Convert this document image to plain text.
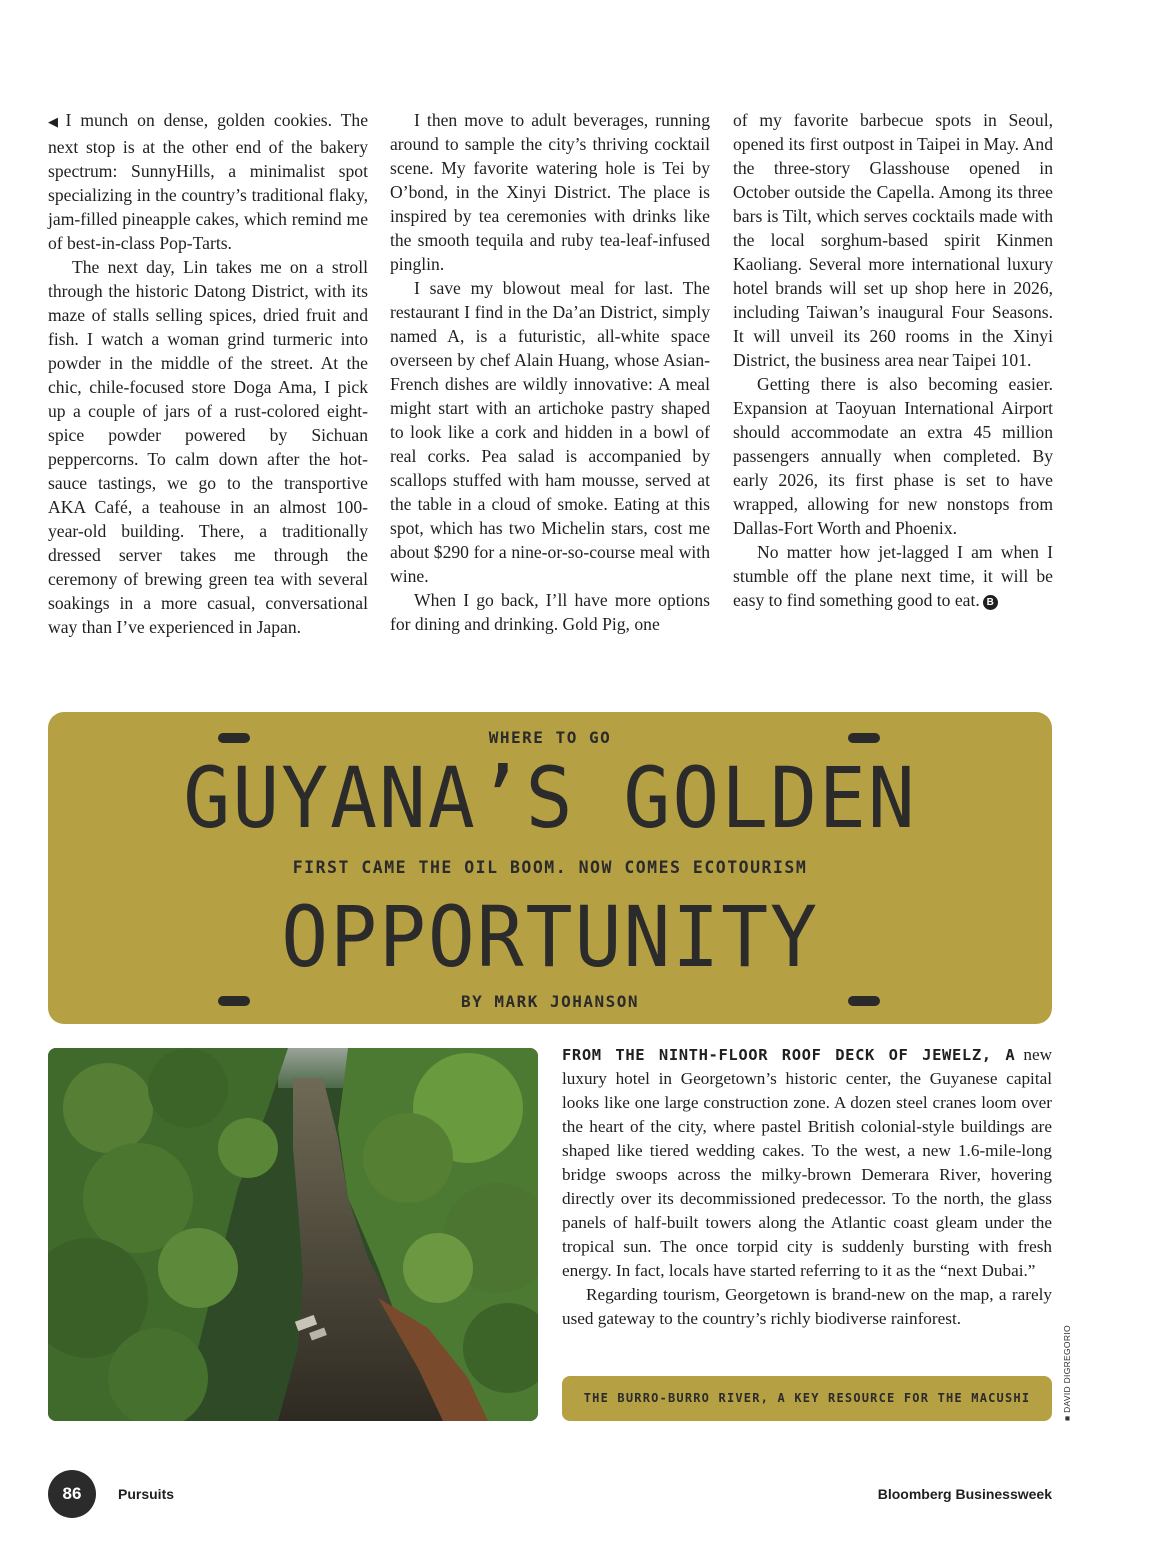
◀ I munch on dense, golden cookies. The next stop is at the other end of the bakery spectrum: SunnyHills, a minimalist spot specializing in the country’s traditional flaky, jam-filled pineapple cakes, which remind me of best-in-class Pop-Tarts.

The next day, Lin takes me on a stroll through the historic Datong District, with its maze of stalls selling spices, dried fruit and fish. I watch a woman grind turmeric into powder in the middle of the street. At the chic, chile-focused store Doga Ama, I pick up a couple of jars of a rust-colored eight-spice powder powered by Sichuan peppercorns. To calm down after the hot-sauce tastings, we go to the transportive AKA Café, a teahouse in an almost 100-year-old building. There, a traditionally dressed server takes me through the ceremony of brewing green tea with several soakings in a more casual, conversational way than I’ve experienced in Japan.

I then move to adult beverages, running around to sample the city’s thriving cocktail scene. My favorite watering hole is Tei by O’bond, in the Xinyi District. The place is inspired by tea ceremonies with drinks like the smooth tequila and ruby tea-leaf-infused pinglin.

I save my blowout meal for last. The restaurant I find in the Da’an District, simply named A, is a futuristic, all-white space overseen by chef Alain Huang, whose Asian-French dishes are wildly innovative: A meal might start with an artichoke pastry shaped to look like a cork and hidden in a bowl of real corks. Pea salad is accompanied by scallops stuffed with ham mousse, served at the table in a cloud of smoke. Eating at this spot, which has two Michelin stars, cost me about $290 for a nine-or-so-course meal with wine.

When I go back, I’ll have more options for dining and drinking. Gold Pig, one

of my favorite barbecue spots in Seoul, opened its first outpost in Taipei in May. And the three-story Glasshouse opened in October outside the Capella. Among its three bars is Tilt, which serves cocktails made with the local sorghum-based spirit Kinmen Kaoliang. Several more international luxury hotel brands will set up shop here in 2026, including Taiwan’s inaugural Four Seasons. It will unveil its 260 rooms in the Xinyi District, the business area near Taipei 101.

Getting there is also becoming easier. Expansion at Taoyuan International Airport should accommodate an extra 45 million passengers annually when completed. By early 2026, its first phase is set to have wrapped, allowing for new nonstops from Dallas-Fort Worth and Phoenix.

No matter how jet-lagged I am when I stumble off the plane next time, it will be easy to find something good to eat. B

WHERE TO GO
GUYANA’S GOLDEN
FIRST CAME THE OIL BOOM. NOW COMES ECOTOURISM
OPPORTUNITY
BY MARK JOHANSON

FROM THE NINTH-FLOOR ROOF DECK OF JEWELZ, A new luxury hotel in Georgetown’s historic center, the Guyanese capital looks like one large construction zone. A dozen steel cranes loom over the heart of the city, where pastel British colonial-style buildings are shaped like tiered wedding cakes. To the west, a new 1.6-mile-long bridge swoops across the milky-brown Demerara River, hovering directly over its decommissioned predecessor. To the north, the glass panels of half-built towers along the Atlantic coast gleam under the tropical sun. The once torpid city is suddenly bursting with fresh energy. In fact, locals have started referring to it as the “next Dubai.”

Regarding tourism, Georgetown is brand-new on the map, a rarely used gateway to the country’s richly biodiverse rainforest.

THE BURRO-BURRO RIVER, A KEY RESOURCE FOR THE MACUSHI	■ DAVID DIGREGORIO
86	Pursuits	Bloomberg Businessweek
